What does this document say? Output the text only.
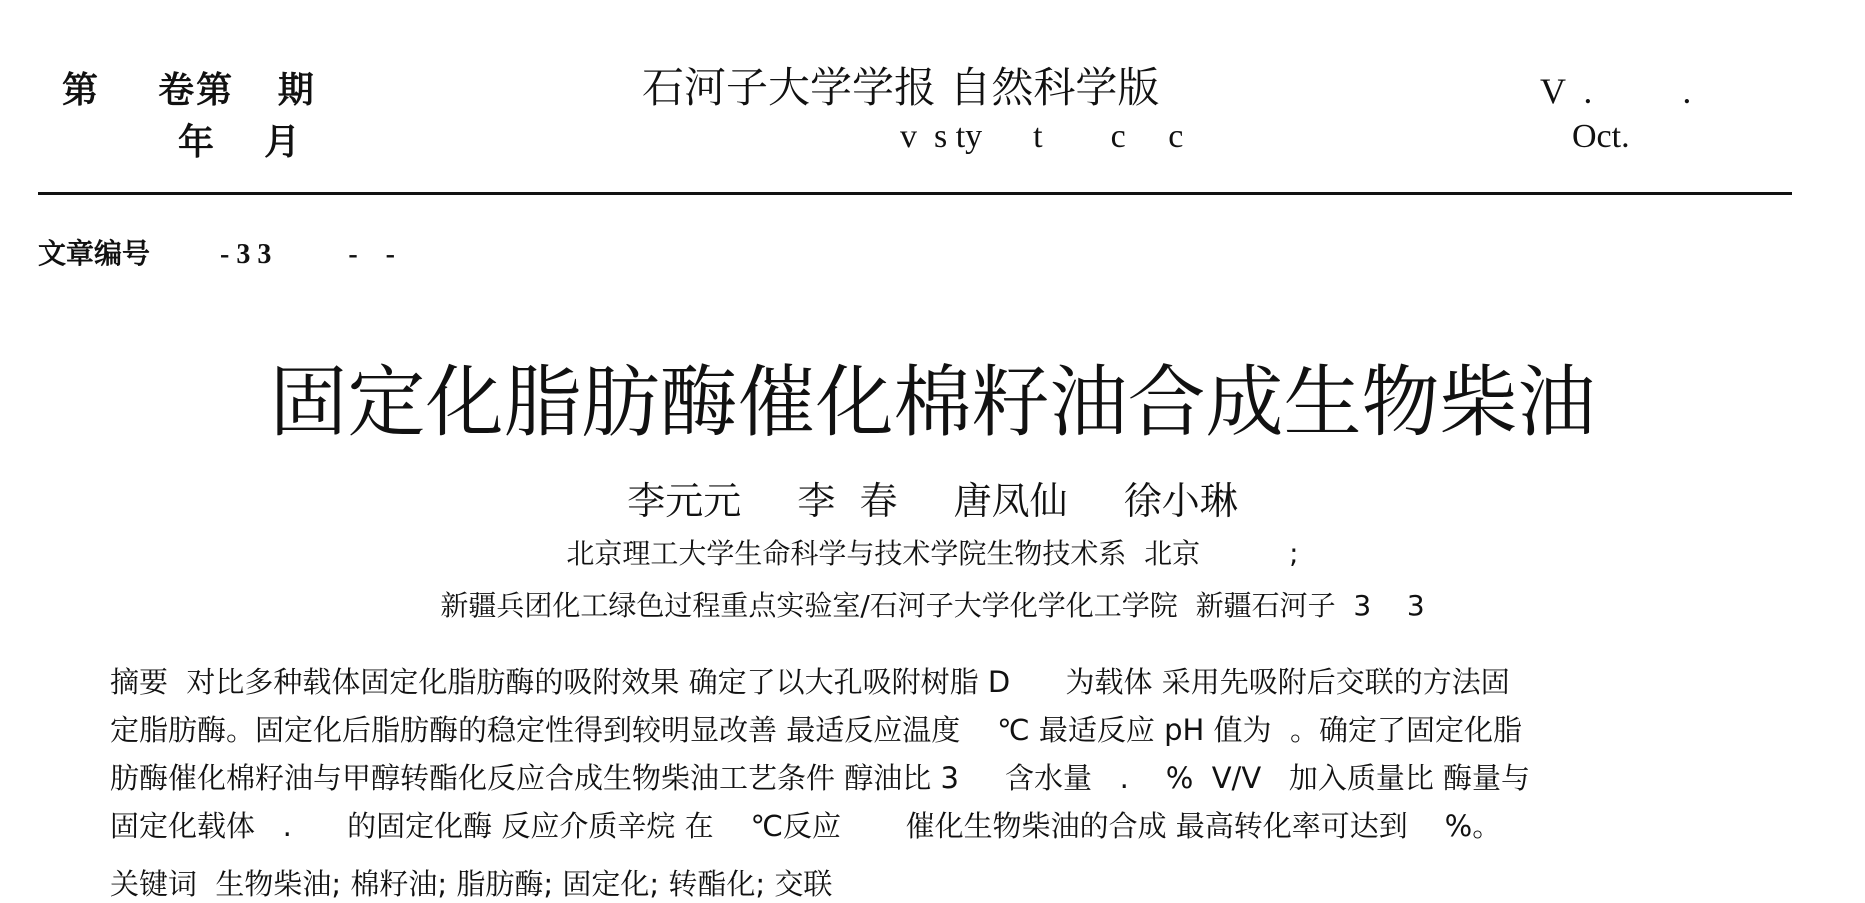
第    卷第   期
年    月
石河子大学学报 自然科学版
v  s ty      t        c     c
V  .          .
Oct.
文章编号	- 3 3           -    -
固定化脂肪酶催化棉籽油合成生物柴油
李元元 李  春 唐凤仙 徐小琳
北京理工大学生命科学与技术学院生物技术系  北京          ;
新疆兵团化工绿色过程重点实验室/石河子大学化学化工学院  新疆石河子  3    3

摘要  对比多种载体固定化脂肪酶的吸附效果 确定了以大孔吸附树脂 D      为载体 采用先吸附后交联的方法固

定脂肪酶。固定化后脂肪酶的稳定性得到较明显改善 最适反应温度    ℃ 最适反应 pH 值为  。确定了固定化脂

肪酶催化棉籽油与甲醇转酯化反应合成生物柴油工艺条件 醇油比 3     含水量   .    %  V/V   加入质量比 酶量与

固定化载体   .      的固定化酶 反应介质辛烷 在    ℃反应       催化生物柴油的合成 最高转化率可达到    %。

关键词  生物柴油; 棉籽油; 脂肪酶; 固定化; 转酯化; 交联
